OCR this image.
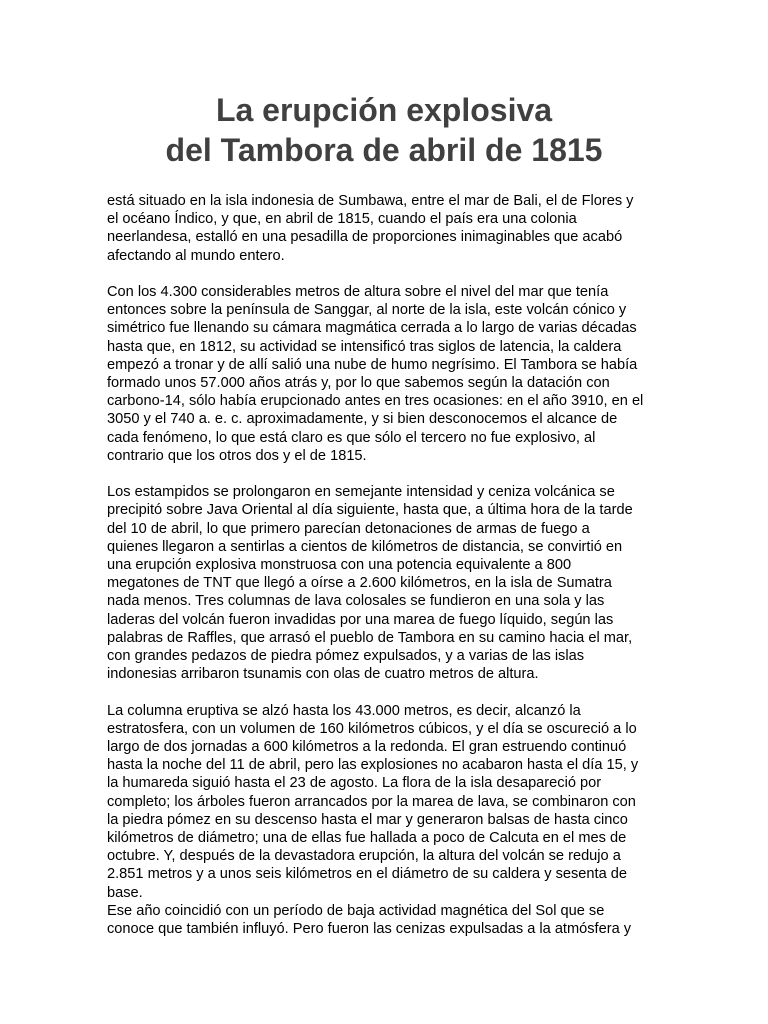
La erupción explosiva
del Tambora de abril de 1815

está situado en la isla indonesia de Sumbawa, entre el mar de Bali, el de Flores y
el océano Índico, y que, en abril de 1815, cuando el país era una colonia
neerlandesa, estalló en una pesadilla de proporciones inimaginables que acabó
afectando al mundo entero.

Con los 4.300 considerables metros de altura sobre el nivel del mar que tenía
entonces sobre la península de Sanggar, al norte de la isla, este volcán cónico y
simétrico fue llenando su cámara magmática cerrada a lo largo de varias décadas
hasta que, en 1812, su actividad se intensificó tras siglos de latencia, la caldera
empezó a tronar y de allí salió una nube de humo negrísimo. El Tambora se había
formado unos 57.000 años atrás y, por lo que sabemos según la datación con
carbono-14, sólo había erupcionado antes en tres ocasiones: en el año 3910, en el
3050 y el 740 a. e. c. aproximadamente, y si bien desconocemos el alcance de
cada fenómeno, lo que está claro es que sólo el tercero no fue explosivo, al
contrario que los otros dos y el de 1815.

Los estampidos se prolongaron en semejante intensidad y ceniza volcánica se
precipitó sobre Java Oriental al día siguiente, hasta que, a última hora de la tarde
del 10 de abril, lo que primero parecían detonaciones de armas de fuego a
quienes llegaron a sentirlas a cientos de kilómetros de distancia, se convirtió en
una erupción explosiva monstruosa con una potencia equivalente a 800
megatones de TNT que llegó a oírse a 2.600 kilómetros, en la isla de Sumatra
nada menos. Tres columnas de lava colosales se fundieron en una sola y las
laderas del volcán fueron invadidas por una marea de fuego líquido, según las
palabras de Raffles, que arrasó el pueblo de Tambora en su camino hacia el mar,
con grandes pedazos de piedra pómez expulsados, y a varias de las islas
indonesias arribaron tsunamis con olas de cuatro metros de altura.

La columna eruptiva se alzó hasta los 43.000 metros, es decir, alcanzó la
estratosfera, con un volumen de 160 kilómetros cúbicos, y el día se oscureció a lo
largo de dos jornadas a 600 kilómetros a la redonda. El gran estruendo continuó
hasta la noche del 11 de abril, pero las explosiones no acabaron hasta el día 15, y
la humareda siguió hasta el 23 de agosto. La flora de la isla desapareció por
completo; los árboles fueron arrancados por la marea de lava, se combinaron con
la piedra pómez en su descenso hasta el mar y generaron balsas de hasta cinco
kilómetros de diámetro; una de ellas fue hallada a poco de Calcuta en el mes de
octubre. Y, después de la devastadora erupción, la altura del volcán se redujo a
2.851 metros y a unos seis kilómetros en el diámetro de su caldera y sesenta de
base.

Ese año coincidió con un período de baja actividad magnética del Sol que se
conoce que también influyó. Pero fueron las cenizas expulsadas a la atmósfera y
